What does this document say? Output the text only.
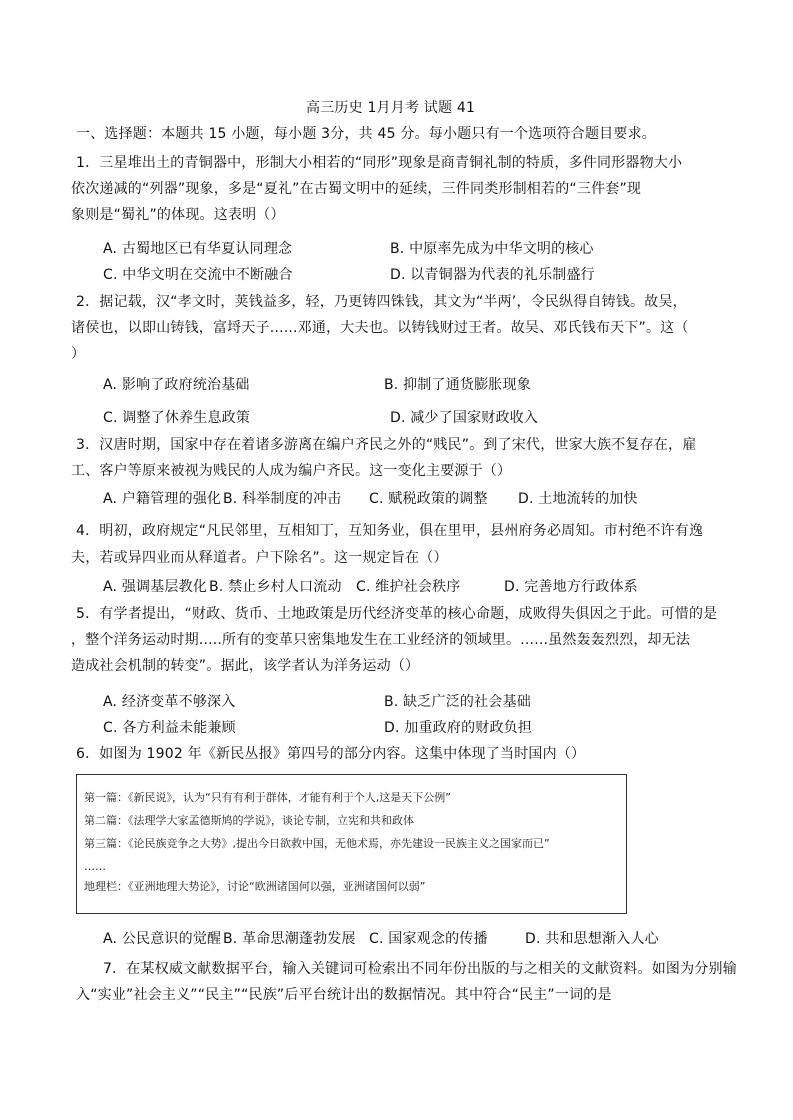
高三历史 1月月考 试题 41
一、选择题：本题共 15 小题，每小题 3分，共 45 分。每小题只有一个选项符合题目要求。
1．三星堆出土的青铜器中，形制大小相若的“同形”现象是商青铜礼制的特质，多件同形器物大小
依次递减的“列器”现象，多是“夏礼”在古蜀文明中的延续，三件同类形制相若的“三件套”现
象则是“蜀礼”的体现。这表明（）
A. 古蜀地区已有华夏认同理念	B. 中原率先成为中华文明的核心
C. 中华文明在交流中不断融合	D. 以青铜器为代表的礼乐制盛行
2．据记载，汉“孝文时，荚钱益多，轻，乃更铸四铢钱，其文为“半两’，令民纵得自铸钱。故吴，
诸侯也，以即山铸钱，富埒天子......邓通，大夫也。以铸钱财过王者。故吴、邓氏钱布天下”。这（
）
A. 影响了政府统治基础	B. 抑制了通货膨胀现象
C. 调整了休养生息政策	D. 减少了国家财政收入
3．汉唐时期，国家中存在着诸多游离在编户齐民之外的“贱民”。到了宋代，世家大族不复存在，雇
工、客户等原来被视为贱民的人成为编户齐民。这一变化主要源于（）
A. 户籍管理的强化 B. 科举制度的冲击 C. 赋税政策的调整 D. 土地流转的加快
4．明初，政府规定“凡民邻里，互相知丁，互知务业，俱在里甲，县州府务必周知。市村绝不许有逸
夫，若或异四业而从释道者。户下除名”。这一规定旨在（）
A. 强调基层教化 B. 禁止乡村人口流动 C. 维护社会秩序	D. 完善地方行政体系
5．有学者提出，“财政、货币、土地政策是历代经济变革的核心命题，成败得失俱因之于此。可惜的是
，整个洋务运动时期.....所有的变革只密集地发生在工业经济的领域里。......虽然轰轰烈烈，却无法
造成社会机制的转变”。据此，该学者认为洋务运动（）
A. 经济变革不够深入	B. 缺乏广泛的社会基础
C. 各方利益未能兼顾	D. 加重政府的财政负担
6．如图为 1902 年《新民丛报》第四号的部分内容。这集中体现了当时国内（）
第一篇：《新民说》，认为“只有有利于群体，才能有利于个人,这是天下公例”
第二篇：《法理学大家孟德斯鸠的学说》，谈论专制，立宪和共和政体
第三篇：《论民族竞争之大势》,提出今日欲救中国，无他术焉，亦先建设一民族主义之国家而已”
……
地理栏：《亚洲地理大势论》，讨论“欧洲诸国何以强，亚洲诸国何以弱”
A. 公民意识的觉醒 B. 革命思潮蓬勃发展 C. 国家观念的传播	D. 共和思想渐入人心
7．在某权威文献数据平台，输入关键词可检索出不同年份出版的与之相关的文献资料。如图为分别输
入“实业”社会主义”“民主”“民族”后平台统计出的数据情况。其中符合“民主”一词的是
